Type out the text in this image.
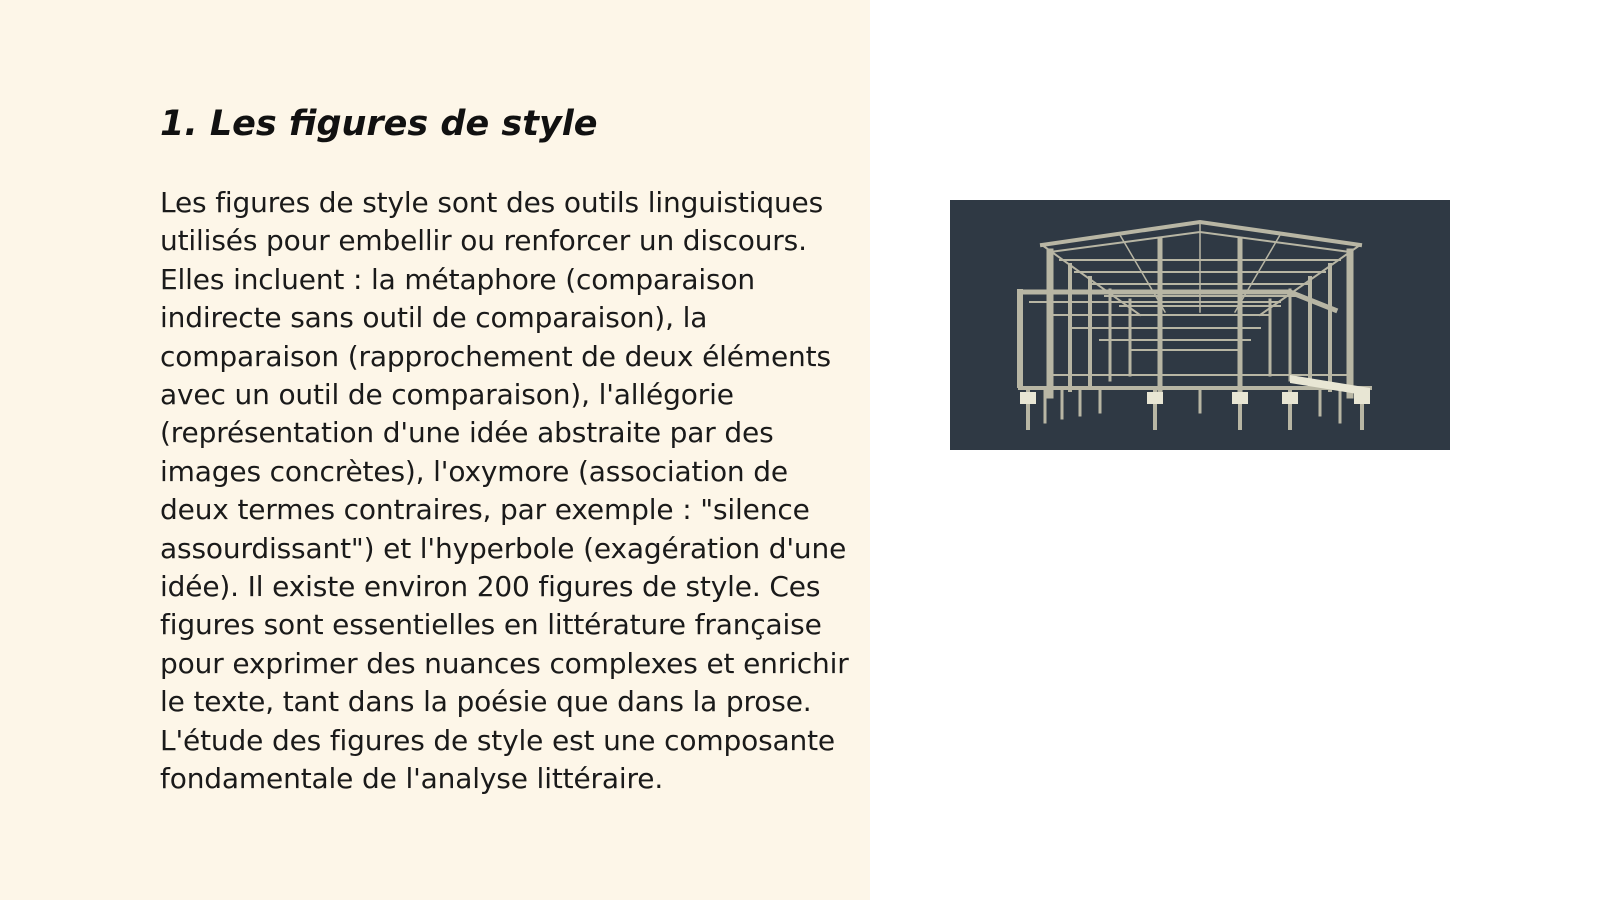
1. Les figures de style

Les figures de style sont des outils linguistiques utilisés pour embellir ou renforcer un discours. Elles incluent : la métaphore (comparaison indirecte sans outil de comparaison), la comparaison (rapprochement de deux éléments avec un outil de comparaison), l'allégorie (représentation d'une idée abstraite par des images concrètes), l'oxymore (association de deux termes contraires, par exemple : "silence assourdissant") et l'hyperbole (exagération d'une idée). Il existe environ 200 figures de style. Ces figures sont essentielles en littérature française pour exprimer des nuances complexes et enrichir le texte, tant dans la poésie que dans la prose. L'étude des figures de style est une composante fondamentale de l'analyse littéraire.
